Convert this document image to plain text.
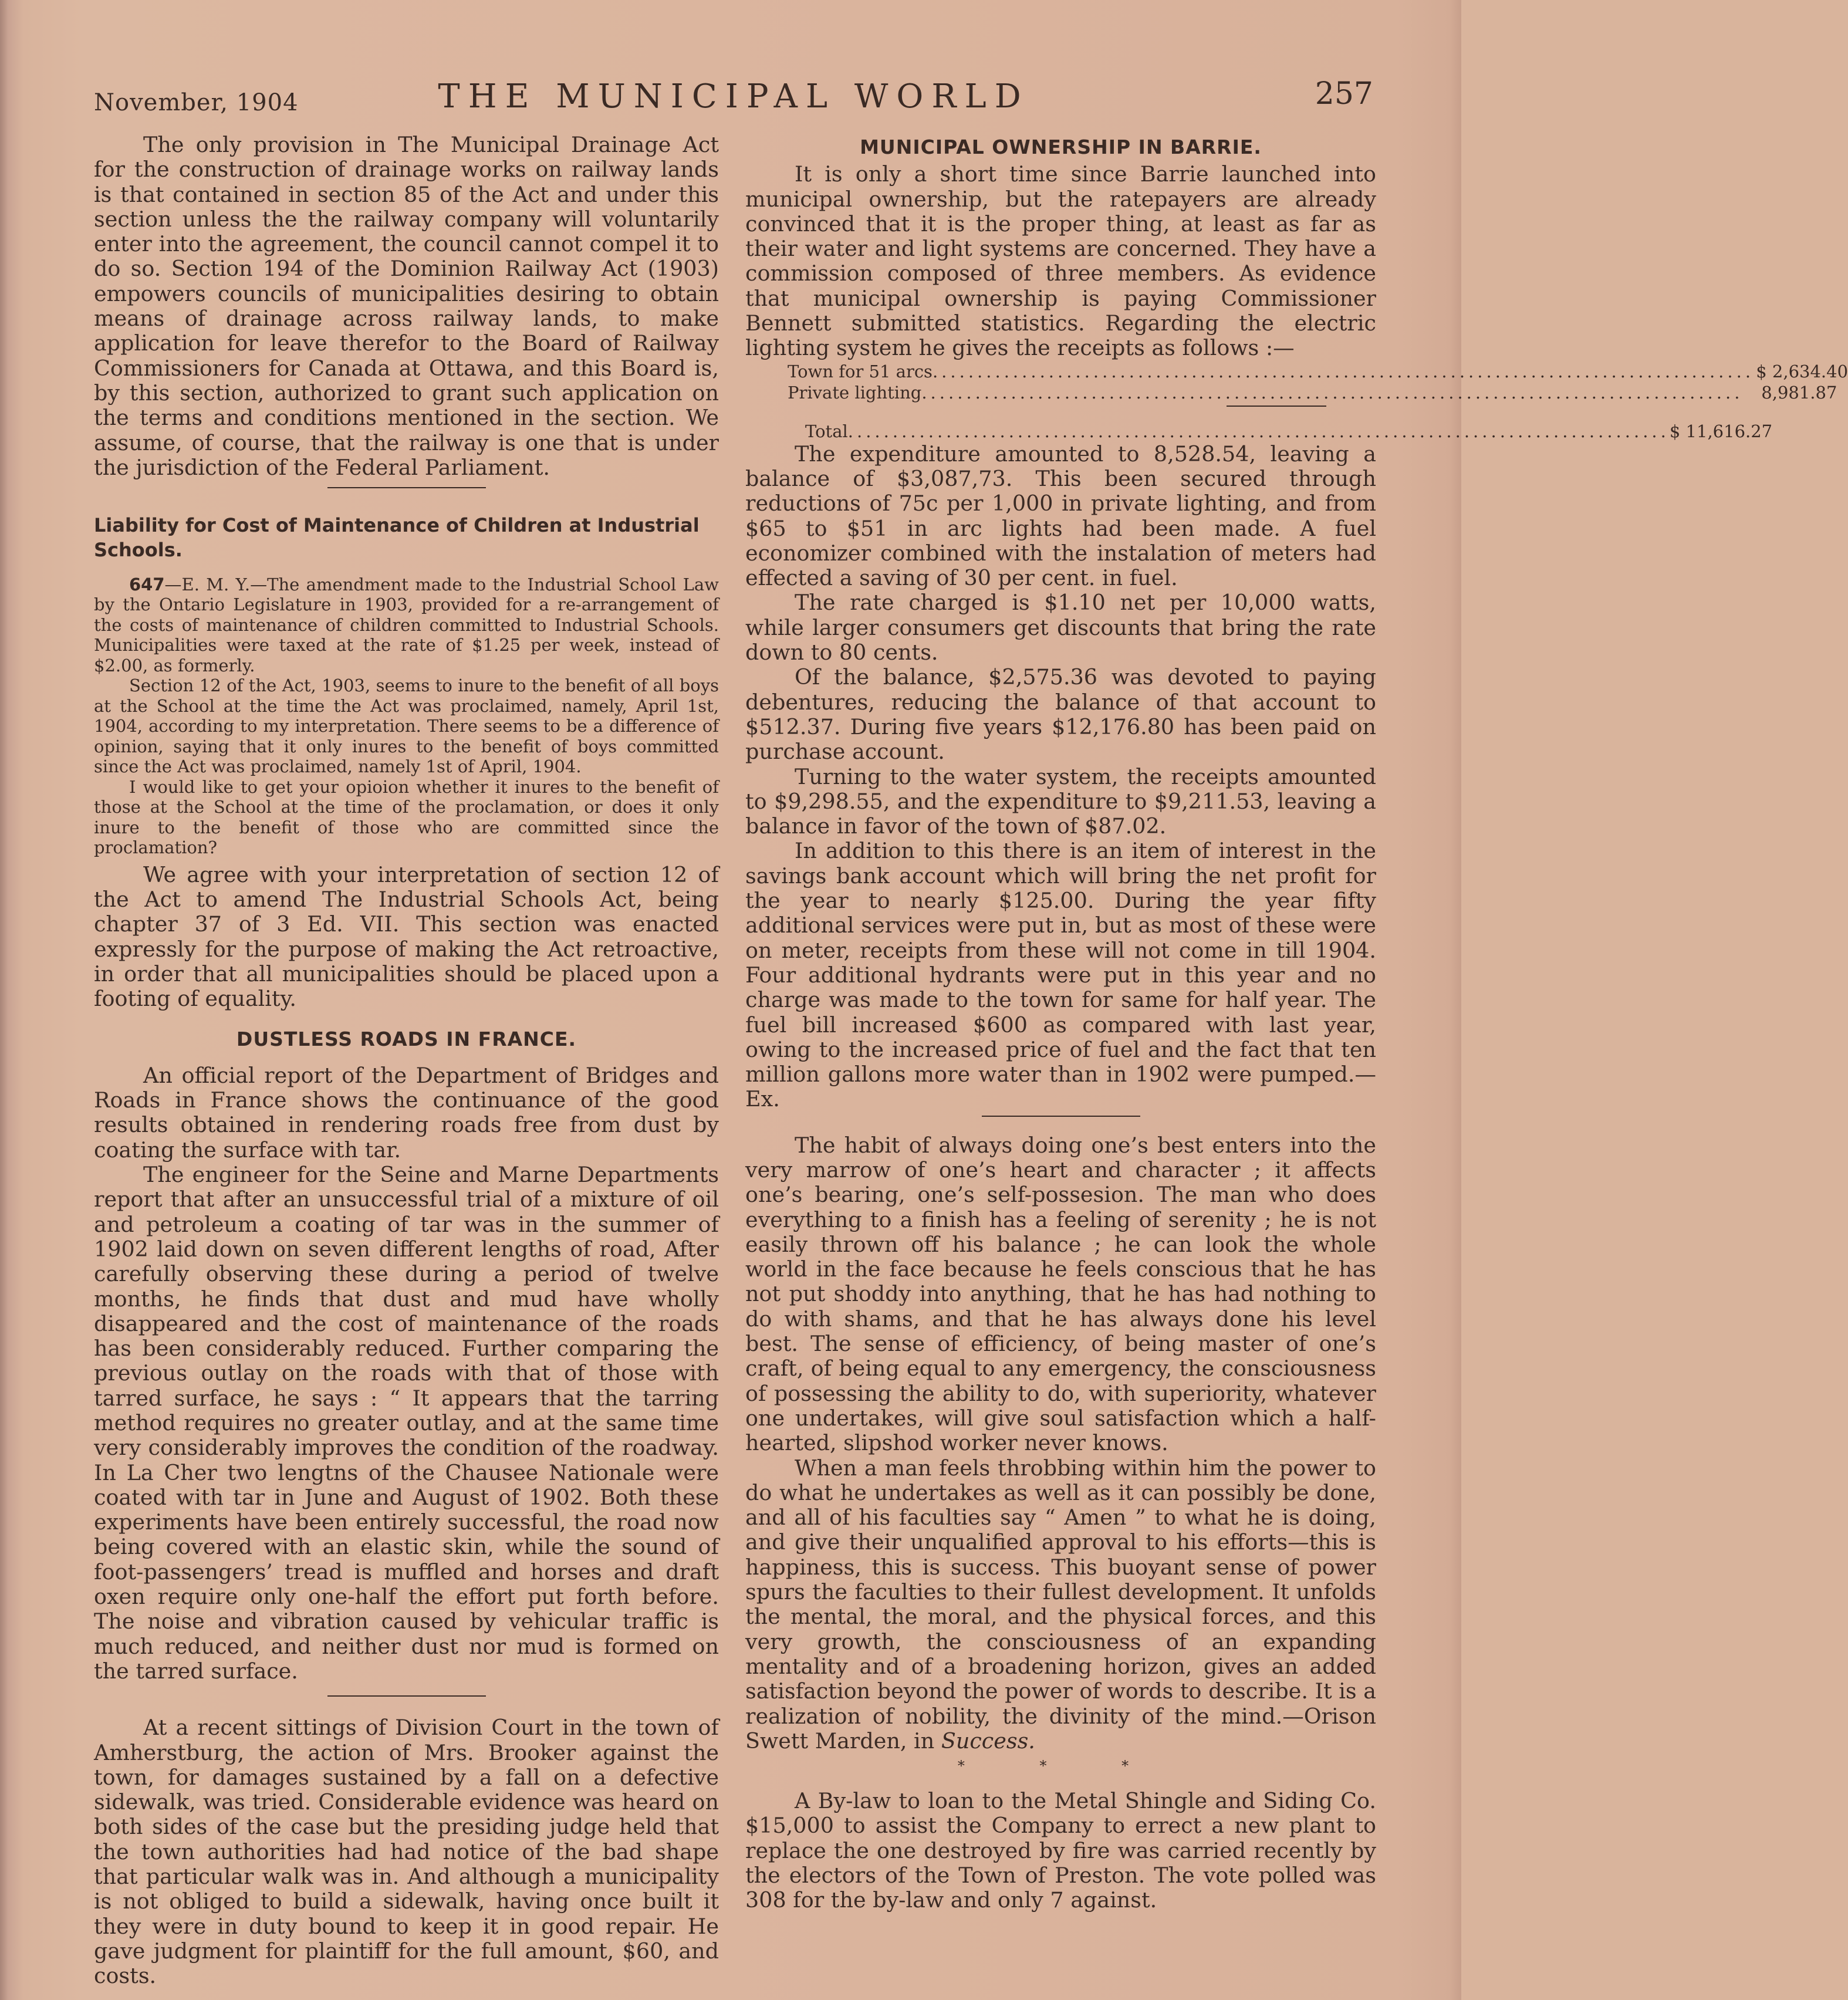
November, 1904	THE MUNICIPAL WORLD	257

The only provision in The Municipal Drainage Act for the construction of drainage works on railway lands is that contained in section 85 of the Act and under this section unless the the railway company will voluntarily enter into the agreement, the council cannot compel it to do so. Section 194 of the Dominion Railway Act (1903) empowers councils of municipalities desiring to obtain means of drainage across railway lands, to make application for leave therefor to the Board of Railway Commissioners for Canada at Ottawa, and this Board is, by this section, authorized to grant such application on the terms and conditions mentioned in the section. We assume, of course, that the railway is one that is under the jurisdiction of the Federal Parliament.

Liability for Cost of Maintenance of Children at Industrial Schools.

647—E. M. Y.—The amendment made to the Industrial School Law by the Ontario Legislature in 1903, provided for a re-arrangement of the costs of maintenance of children committed to Industrial Schools. Municipalities were taxed at the rate of $1.25 per week, instead of $2.00, as formerly.

Section 12 of the Act, 1903, seems to inure to the benefit of all boys at the School at the time the Act was proclaimed, namely, April 1st, 1904, according to my interpretation. There seems to be a difference of opinion, saying that it only inures to the benefit of boys committed since the Act was proclaimed, namely 1st of April, 1904.

I would like to get your opioion whether it inures to the benefit of those at the School at the time of the proclamation, or does it only inure to the benefit of those who are committed since the proclamation?

We agree with your interpretation of section 12 of the Act to amend The Industrial Schools Act, being chapter 37 of 3 Ed. VII. This section was enacted expressly for the purpose of making the Act retroactive, in order that all municipalities should be placed upon a footing of equality.

DUSTLESS ROADS IN FRANCE.

An official report of the Department of Bridges and Roads in France shows the continuance of the good results obtained in rendering roads free from dust by coating the surface with tar.

The engineer for the Seine and Marne Departments report that after an unsuccessful trial of a mixture of oil and petroleum a coating of tar was in the summer of 1902 laid down on seven different lengths of road, After carefully observing these during a period of twelve months, he finds that dust and mud have wholly disappeared and the cost of maintenance of the roads has been considerably reduced. Further comparing the previous outlay on the roads with that of those with tarred surface, he says : “ It appears that the tarring method requires no greater outlay, and at the same time very considerably improves the condition of the roadway. In La Cher two lengtns of the Chausee Nationale were coated with tar in June and August of 1902. Both these experiments have been entirely successful, the road now being covered with an elastic skin, while the sound of foot-passengers’ tread is muffled and horses and draft oxen require only one-half the effort put forth before. The noise and vibration caused by vehicular traffic is much reduced, and neither dust nor mud is formed on the tarred surface.

At a recent sittings of Division Court in the town of Amherstburg, the action of Mrs. Brooker against the town, for damages sustained by a fall on a defective sidewalk, was tried. Considerable evidence was heard on both sides of the case but the presiding judge held that the town authorities had had notice of the bad shape that particular walk was in. And although a municipality is not obliged to build a sidewalk, having once built it they were in duty bound to keep it in good repair. He gave judgment for plaintiff for the full amount, $60, and costs.

MUNICIPAL OWNERSHIP IN BARRIE.

It is only a short time since Barrie launched into municipal ownership, but the ratepayers are already convinced that it is the proper thing, at least as far as their water and light systems are concerned. They have a commission composed of three members. As evidence that municipal ownership is paying Commissioner Bennett submitted statistics. Regarding the electric lighting system he gives the receipts as follows :—

Town for 51 arcs ............................................................................................ $ 2,634.40
Private lighting ............................................................................................	8,981.87
Total ............................................................................................ $ 11,616.27

The expenditure amounted to 8,528.54, leaving a balance of $3,087,73. This been secured through reductions of 75c per 1,000 in private lighting, and from $65 to $51 in arc lights had been made. A fuel economizer combined with the instalation of meters had effected a saving of 30 per cent. in fuel.

The rate charged is $1.10 net per 10,000 watts, while larger consumers get discounts that bring the rate down to 80 cents.

Of the balance, $2,575.36 was devoted to paying debentures, reducing the balance of that account to $512.37. During five years $12,176.80 has been paid on purchase account.

Turning to the water system, the receipts amounted to $9,298.55, and the expenditure to $9,211.53, leaving a balance in favor of the town of $87.02.

In addition to this there is an item of interest in the savings bank account which will bring the net profit for the year to nearly $125.00. During the year fifty additional services were put in, but as most of these were on meter, receipts from these will not come in till 1904. Four additional hydrants were put in this year and no charge was made to the town for same for half year. The fuel bill increased $600 as compared with last year, owing to the increased price of fuel and the fact that ten million gallons more water than in 1902 were pumped.—Ex.

The habit of always doing one’s best enters into the very marrow of one’s heart and character ; it affects one’s bearing, one’s self-possesion. The man who does everything to a finish has a feeling of serenity ; he is not easily thrown off his balance ; he can look the whole world in the face because he feels conscious that he has not put shoddy into anything, that he has had nothing to do with shams, and that he has always done his level best. The sense of efficiency, of being master of one’s craft, of being equal to any emergency, the consciousness of possessing the ability to do, with superiority, whatever one undertakes, will give soul satisfaction which a half-hearted, slipshod worker never knows.

When a man feels throbbing within him the power to do what he undertakes as well as it can possibly be done, and all of his faculties say “ Amen ” to what he is doing, and give their unqualified approval to his efforts—this is happiness, this is success. This buoyant sense of power spurs the faculties to their fullest development. It unfolds the mental, the moral, and the physical forces, and this very growth, the consciousness of an expanding mentality and of a broadening horizon, gives an added satisfaction beyond the power of words to describe. It is a realization of nobility, the divinity of the mind.—Orison Swett Marden, in Success.

* * *

A By-law to loan to the Metal Shingle and Siding Co. $15,000 to assist the Company to errect a new plant to replace the one destroyed by fire was carried recently by the electors of the Town of Preston. The vote polled was 308 for the by-law and only 7 against.
